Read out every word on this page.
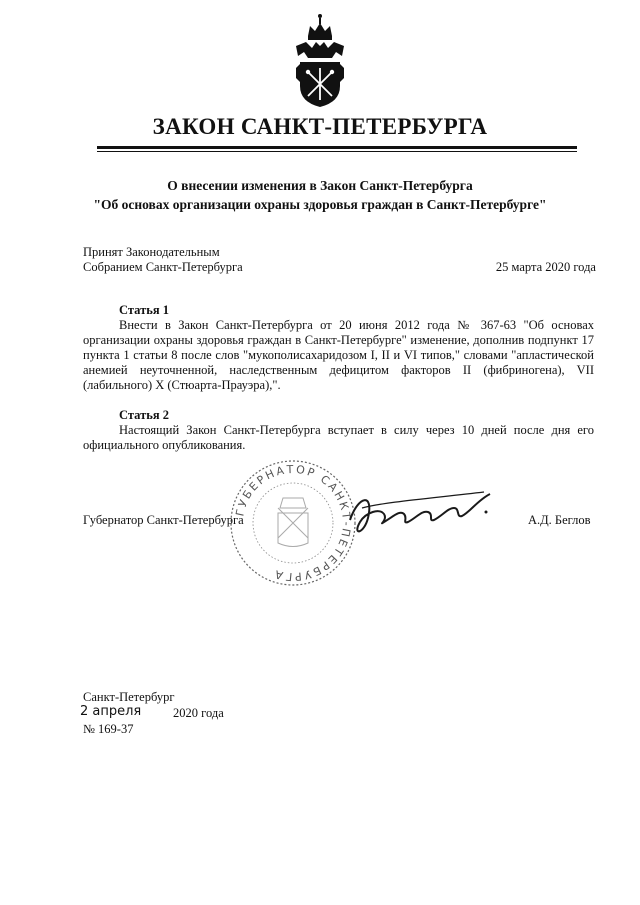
ЗАКОН САНКТ-ПЕТЕРБУРГА
О внесении изменения в Закон Санкт-Петербурга
"Об основах организации охраны здоровья граждан в Санкт-Петербурге"
Принят Законодательным
Собранием Санкт-Петербурга	25 марта 2020 года
Статья 1

Внести в Закон Санкт-Петербурга от 20 июня 2012 года № 367-63 "Об основах организации охраны здоровья граждан в Санкт-Петербурге" изменение, дополнив подпункт 17 пункта 1 статьи 8 после слов "мукополисахаридозом I, II и VI типов," словами "апластической анемией неуточненной, наследственным дефицитом факторов II (фибриногена), VII (лабильного) X (Стюарта-Прауэра),".

Статья 2

Настоящий Закон Санкт-Петербурга вступает в силу через 10 дней после дня его официального опубликования.

ГУБЕРНАТОР САНКТ-ПЕТЕРБУРГА
Губернатор Санкт-Петербурга	А.Д. Беглов
Санкт-Петербург
2 апреля	2020 года
№ 169-37
